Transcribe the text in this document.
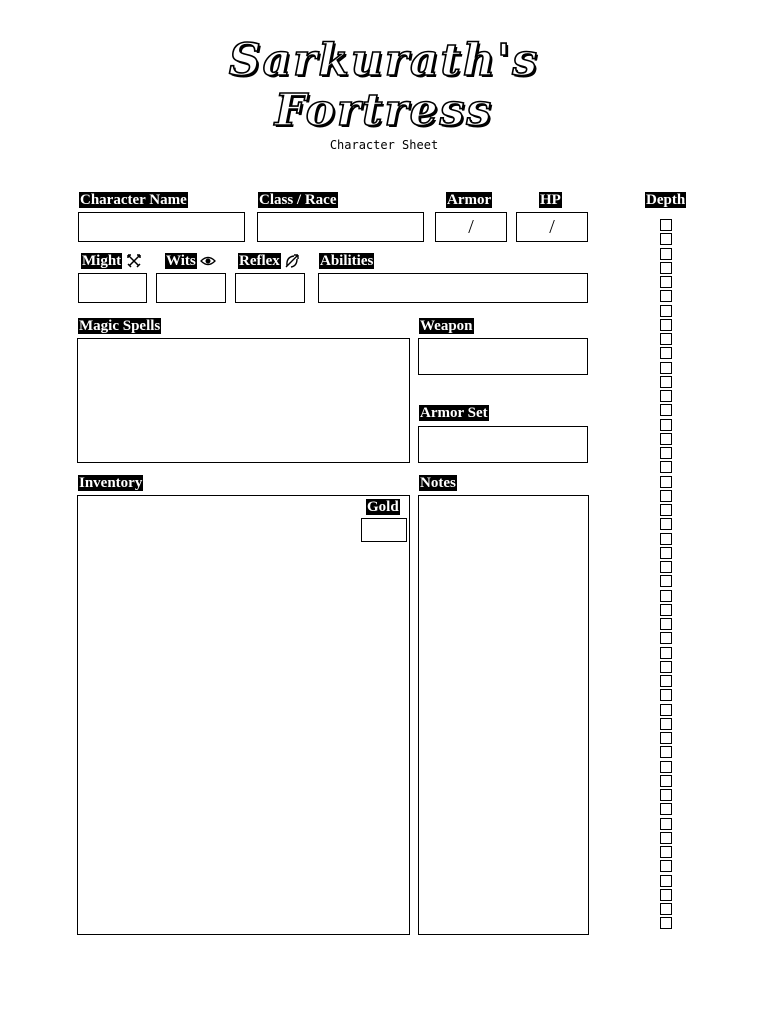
Sarkurath's
Fortress
Character Sheet
Character Name	Class / Race	Armor	HP	Depth
/	/
Might	Wits	Reflex	Abilities
Magic Spells	Weapon
Armor Set
Inventory
Gold
Notes
